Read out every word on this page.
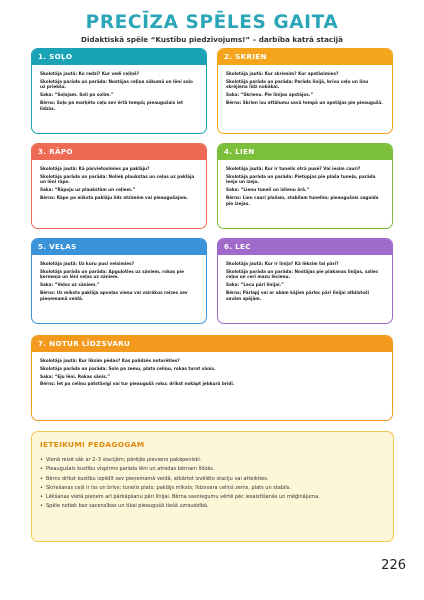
PRECĪZA SPĒLES GAITA
Didaktiskā spēle “Kustību piedzīvojums!” – darbība katrā stacijā
1. SOĻO

Skolotāja jautā: Ko redzi? Kur vedi ceļiņš?

Skolotāja parāda un parāda: Nostājas ceļiņa sākumā un lēni soļo uz priekšu.

Saka: “Soļojam. Soli pa solim.”

Bērns: Soļo pa marķēto ceļu sev ērtā tempā; pieaugušais iet līdzās.

2. SKRIEN

Skolotāja jautā: Kur skriesim? Kur apstāsimies?

Skolotāja parāda un parāda: Parāda līnijā, brīvu ceļu un līnu skrējiena līdz nobākai.

Saka: “Skrienu. Pie līnijas apstājos.”

Bērns: Skrien īsu attālumu savā tempā un apstājas pie pieaugušā.

3. RĀPO

Skolotāja jautā: Kā pārvietosimies pa paklāju?

Skolotāja parāda un parāda: Nolieķ plaukstas un ceļus uz paklāja un lēni rāpo.

Saka: “Rāpoju uz plaukstām un ceļiem.”

Bērns: Rāpo pa mīksto paklāju līdz atzīmēm vai pieaugušajam.

4. LIEN

Skolotāja jautā: Kur ir tunelis otrā pusē? Vai iesim cauri?

Skolotāja parāda un parāda: Pietupjas pie plaša tuneļa, parāda ieeju un izeju.

Saka: “Lienu tunelī un izlienu ārā.”

Bērns: Lien cauri plašam, stabilam tunelim; pieaugušais sagaida pie izejas.

5. VEĻAS

Skolotāja jautā: Uz kuru pusi velsimies?

Skolotāja parāda un parāda: Apguļoties uz sāniem, rokas pie ķermeņa un lēni veļas uz sāniem.

Saka: “Veļos uz sāniem.”

Bērns: Uz mīksta paklāja apveļas vienu vai vairākus reizes sev pieņemamā veidā.

6. LEC

Skolotāja jautā: Kur ir līnija? Kā lēksim tai pāri?

Skolotāja parāda un parāda: Nostājas pie plakanas līnijas, saliec ceļus un ceri mazu lēcienu.

Saka: “Lecu pāri līnijai.”

Bērns: Pārlapj vai ar abām kājām pārlec pāri līnijai atbilstoši savām spējām.

7. NOTUR LĪDZSVARU

Skolotāja jautā: Kur līksim pēdas? Kas palīdzēs noturēties?

Skolotāja parāda un parāda: Solo pa zemu, plata celiņu, rokas turot sānis.

Saka: “Eju lēni. Rokas sānis.”

Bērns: Iet pa celiņu patstāvīgi vai tur pieaugušā roku; drīkst nokāpt jebkurā brīdī.

IETEIKUMI PEDAGOGAM
• Vienā reizē sāk ar 2–3 stacijām; pārējās pievieno pakāpeniski.
• Pieaugušais kustību vispirms parāda lēni un atrodas bērnam līdzās.
• Bērns drīkst kustību izpildīt sev pieņemamā veidā, atkārtot izvēlēto staciju vai atteikties.
• Skriešanas ceļš ir īss un brīvs; tunelis plats; paklājs mīksts; līdzsvara celiņš zems, plats un stabils.
• Lēkšanas vietā pieņem arī pārkāpšanu pāri līnijai. Bērna sasniegumu vērtē pēc iesaistīšanās un mēģinājuma.
• Spēle notiek bez sacensības un tikai pieaugušā tiešā uzraudzībā.
226
